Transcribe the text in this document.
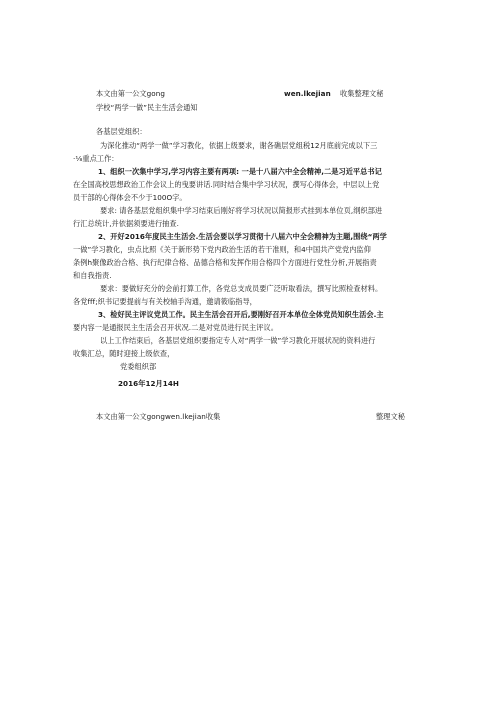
本文由第一公文gong	wen.lkejian 收集整理文秘
学校“两学一做”民主生活会通知
各基层党组织：
为深化推动“两学一做”学习教化，依据上级要求，谢各礁层党组税12月底前完成以下三
·⅛重点工作：
1、组织一次集中学习,学习内容主要有两项: 一是十八届六中全会精神,二是习近平总书记
在全国高校思想政治工作会议上的曳要讲话.同时结合集中学习状况，撰写心得体会，中层以上党
员干部的心得体会不少于100O字。
要求: 请各基层党组织集中学习结束后刚好将学习状况以简报形式挂到本单位页,纲织部进
行汇总统计,并依据须要进行抽查.
2、开好2016年度民主生活会.生活会要以学习贯彻十八届六中全会精神为主题,围绕“两学
一做”学习教化，虫点比照《关于新形势下党内政治生活的若干准则，和4中国共产党党内监仰
条例h聚像政治合格、执行纪律合格、品德合格和发挥作用合格四个方面进行党性分析,开展指责
和自我指责.
要求：要做好充分的会前打算工作，各党总支成员要广泛听取看法，撰写比照检查材料。
各党fff;织书记要提前与有关校轴手沟通，邀请筱临指导，
3、检好民主评议党员工作。民主生活会召开后,要刚好召开本单位全体党员知织生活会.主
要内容一是通报民主生活会召开状况.二是对党员进行民主评议。
以上工作结束后，各基层党组织要指定专人对“两学一做”学习教化开展状况的资料进行
收集汇总，随时迎接上级依查，
党委组织部
2016年12月14H
本文由第一公文gongwen.lkejian收集	整理文秘
